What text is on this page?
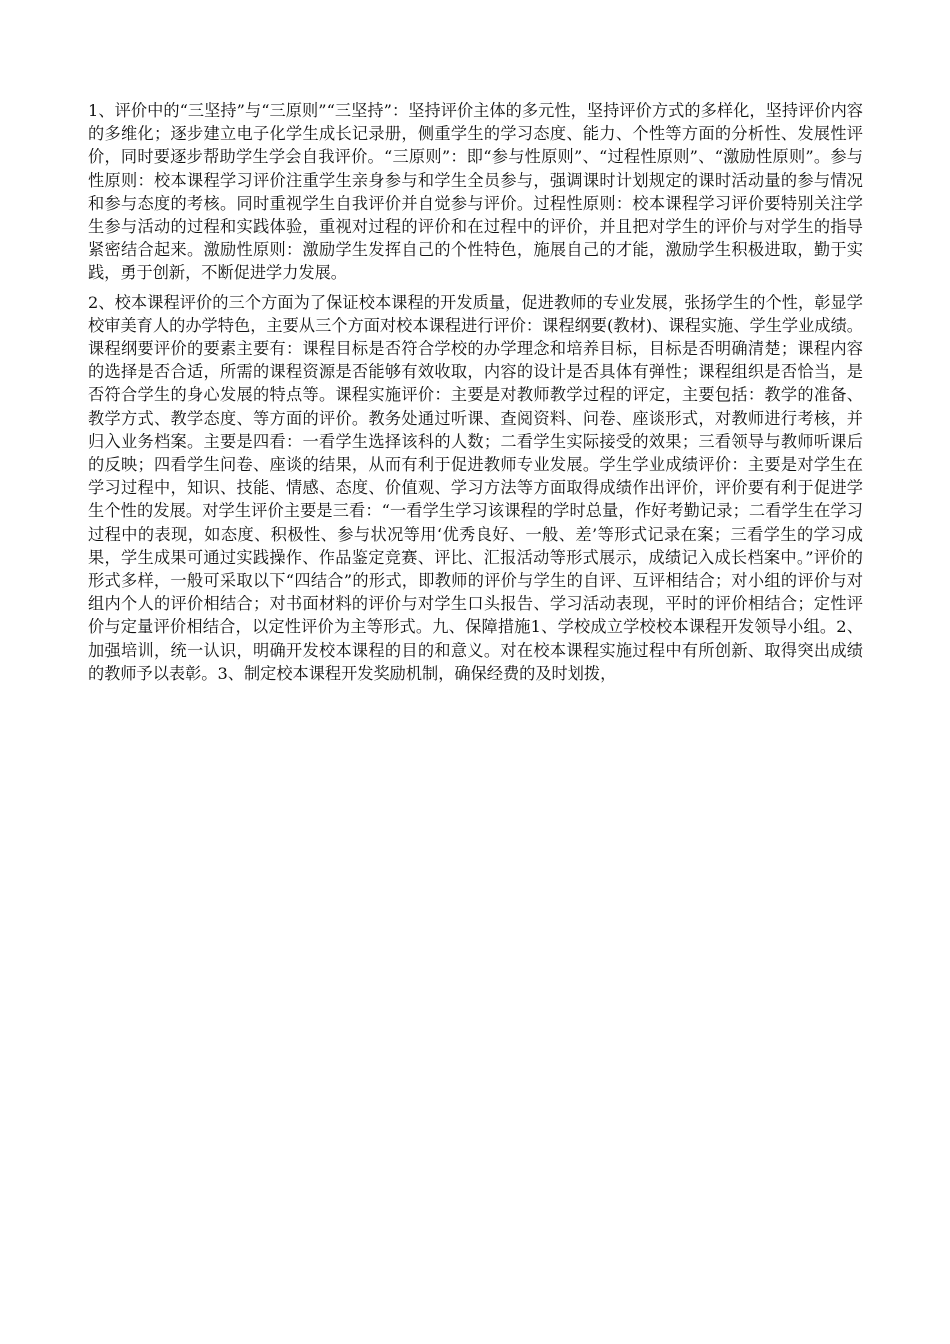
1、评价中的“三坚持”与“三原则”“三坚持”：坚持评价主体的多元性，坚持评价方式的多样化，坚持评价内容的多维化；逐步建立电子化学生成长记录册，侧重学生的学习态度、能力、个性等方面的分析性、发展性评价，同时要逐步帮助学生学会自我评价。“三原则”：即“参与性原则”、“过程性原则”、“激励性原则”。参与性原则：校本课程学习评价注重学生亲身参与和学生全员参与，强调课时计划规定的课时活动量的参与情况和参与态度的考核。同时重视学生自我评价并自觉参与评价。过程性原则：校本课程学习评价要特别关注学生参与活动的过程和实践体验，重视对过程的评价和在过程中的评价，并且把对学生的评价与对学生的指导紧密结合起来。激励性原则：激励学生发挥自己的个性特色，施展自己的才能，激励学生积极进取，勤于实践，勇于创新，不断促进学力发展。

2、校本课程评价的三个方面为了保证校本课程的开发质量，促进教师的专业发展，张扬学生的个性，彰显学校审美育人的办学特色，主要从三个方面对校本课程进行评价：课程纲要(教材)、课程实施、学生学业成绩。课程纲要评价的要素主要有：课程目标是否符合学校的办学理念和培养目标，目标是否明确清楚；课程内容的选择是否合适，所需的课程资源是否能够有效收取，内容的设计是否具体有弹性；课程组织是否恰当，是否符合学生的身心发展的特点等。课程实施评价：主要是对教师教学过程的评定，主要包括：教学的准备、教学方式、教学态度、等方面的评价。教务处通过听课、查阅资料、问卷、座谈形式，对教师进行考核，并归入业务档案。主要是四看：一看学生选择该科的人数；二看学生实际接受的效果；三看领导与教师听课后的反映；四看学生问卷、座谈的结果，从而有利于促进教师专业发展。学生学业成绩评价：主要是对学生在学习过程中，知识、技能、情感、态度、价值观、学习方法等方面取得成绩作出评价，评价要有利于促进学生个性的发展。对学生评价主要是三看：“一看学生学习该课程的学时总量，作好考勤记录；二看学生在学习过程中的表现，如态度、积极性、参与状况等用‘优秀良好、一般、差’等形式记录在案；三看学生的学习成果，学生成果可通过实践操作、作品鉴定竞赛、评比、汇报活动等形式展示，成绩记入成长档案中。”评价的形式多样，一般可采取以下“四结合”的形式，即教师的评价与学生的自评、互评相结合；对小组的评价与对组内个人的评价相结合；对书面材料的评价与对学生口头报告、学习活动表现，平时的评价相结合；定性评价与定量评价相结合，以定性评价为主等形式。九、保障措施1、学校成立学校校本课程开发领导小组。2、加强培训，统一认识，明确开发校本课程的目的和意义。对在校本课程实施过程中有所创新、取得突出成绩的教师予以表彰。3、制定校本课程开发奖励机制，确保经费的及时划拨，
